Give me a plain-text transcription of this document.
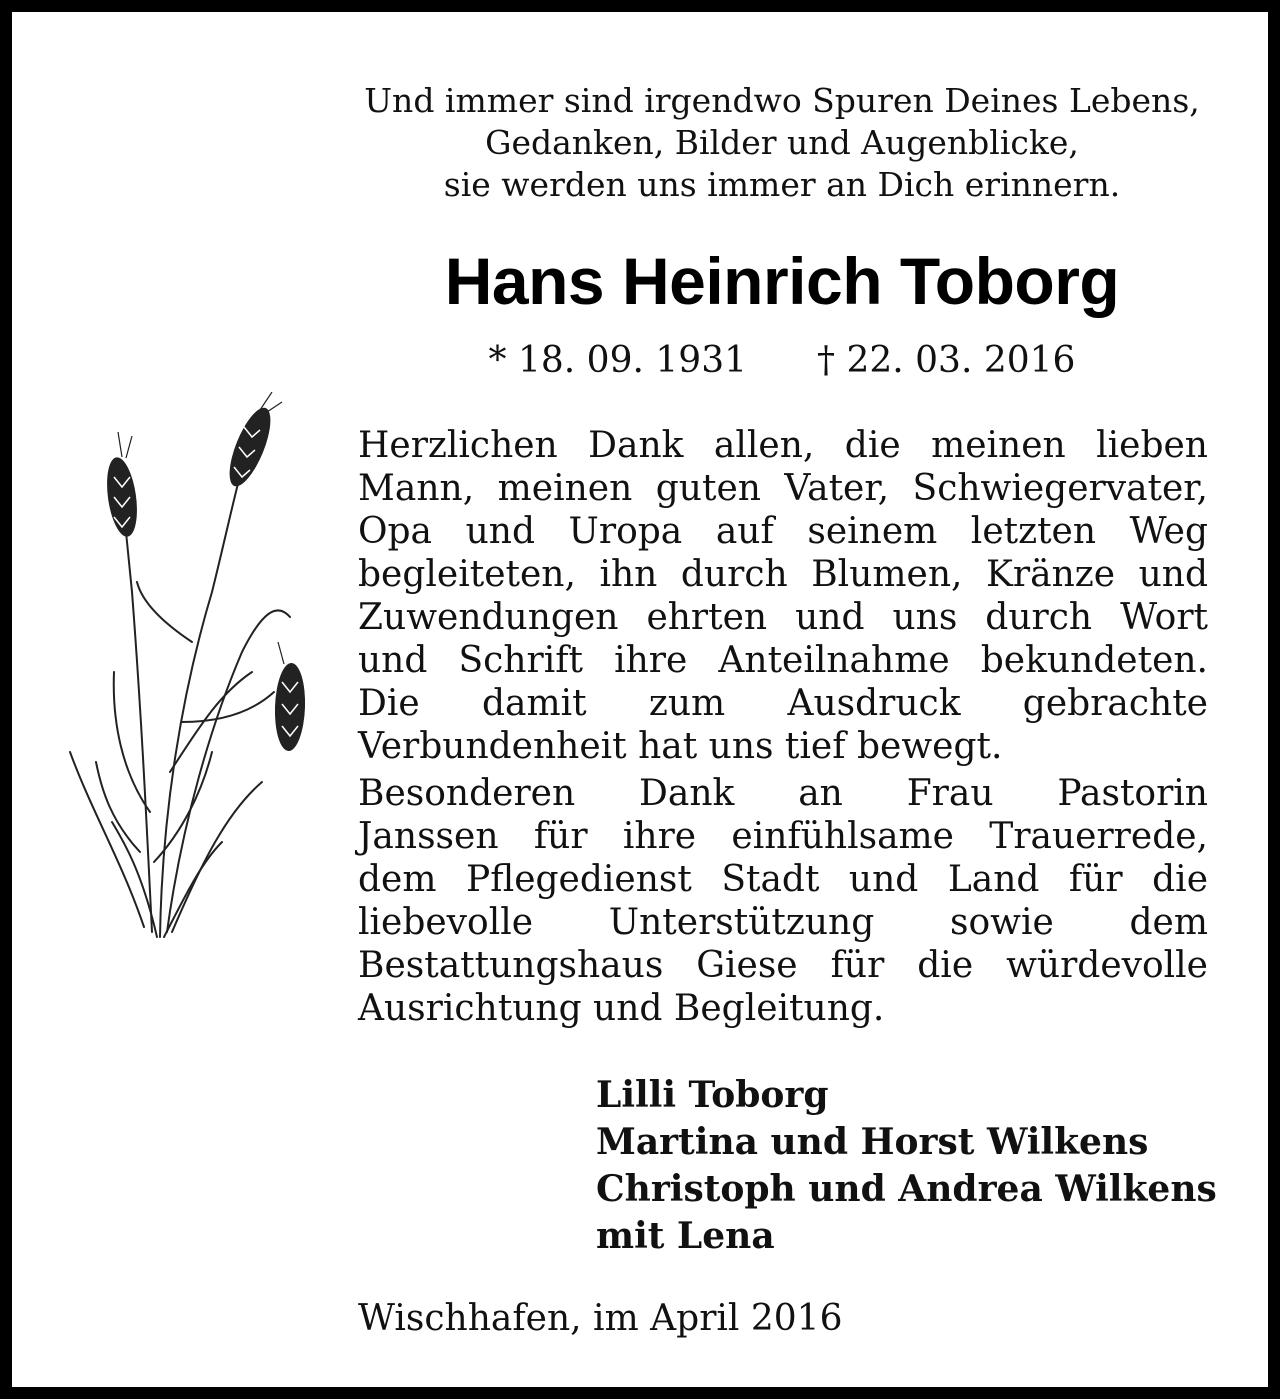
Und immer sind irgendwo Spuren Deines Lebens,
Gedanken, Bilder und Augenblicke,
sie werden uns immer an Dich erinnern.
Hans Heinrich Toborg
* 18. 09. 1931 † 22. 03. 2016

Herzlichen Dank allen, die meinen lieben
Mann, meinen guten Vater, Schwiegervater,
Opa und Uropa auf seinem letzten Weg
begleiteten, ihn durch Blumen, Kränze und
Zuwendungen ehrten und uns durch Wort
und Schrift ihre Anteilnahme bekundeten.
Die damit zum Ausdruck gebrachte
Verbundenheit hat uns tief bewegt.

Besonderen Dank an Frau Pastorin
Janssen für ihre einfühlsame Trauerrede,
dem Pflegedienst Stadt und Land für die
liebevolle Unterstützung sowie dem
Bestattungshaus Giese für die würdevolle
Ausrichtung und Begleitung.

Lilli Toborg
Martina und Horst Wilkens
Christoph und Andrea Wilkens
mit Lena
Wischhafen, im April 2016
